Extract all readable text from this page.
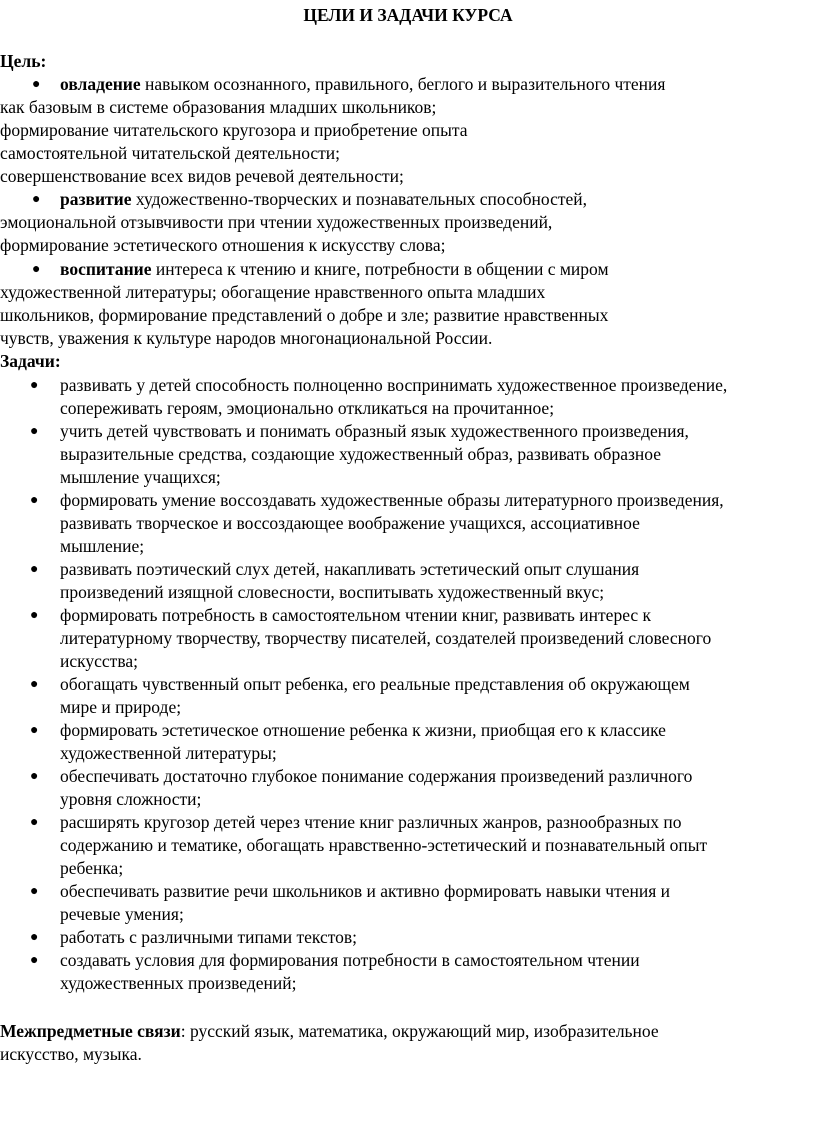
ЦЕЛИ И ЗАДАЧИ КУРСА
Цель:
● овладение навыком осознанного, правильного, беглого и выразительного чтения
как базовым в системе образования младших школьников;
формирование читательского кругозора и приобретение опыта
самостоятельной читательской деятельности;
совершенствование всех видов речевой деятельности;
● развитие художественно-творческих и познавательных способностей,
эмоциональной отзывчивости при чтении художественных произведений,
формирование эстетического отношения к искусству слова;
● воспитание интереса к чтению и книге, потребности в общении с миром
художественной литературы; обогащение нравственного опыта младших
школьников, формирование представлений о добре и зле; развитие нравственных
чувств, уважения к культуре народов многонациональной России.
Задачи:
● развивать у детей способность полноценно воспринимать художественное произведение,
сопереживать героям, эмоционально откликаться на прочитанное;
● учить детей чувствовать и понимать образный язык художественного произведения,
выразительные средства, создающие художественный образ, развивать образное
мышление учащихся;
● формировать умение воссоздавать художественные образы литературного произведения,
развивать творческое и воссоздающее воображение учащихся, ассоциативное
мышление;
● развивать поэтический слух детей, накапливать эстетический опыт слушания
произведений изящной словесности, воспитывать художественный вкус;
● формировать потребность в самостоятельном чтении книг, развивать интерес к
литературному творчеству, творчеству писателей, создателей произведений словесного
искусства;
● обогащать чувственный опыт ребенка, его реальные представления об окружающем
мире и природе;
● формировать эстетическое отношение ребенка к жизни, приобщая его к классике
художественной литературы;
● обеспечивать достаточно глубокое понимание содержания произведений различного
уровня сложности;
● расширять кругозор детей через чтение книг различных жанров, разнообразных по
содержанию и тематике, обогащать нравственно-эстетический и познавательный опыт
ребенка;
● обеспечивать развитие речи школьников и активно формировать навыки чтения и
речевые умения;
● работать с различными типами текстов;
● создавать условия для формирования потребности в самостоятельном чтении
художественных произведений;
Межпредметные связи: русский язык, математика, окружающий мир, изобразительное
искусство, музыка.
